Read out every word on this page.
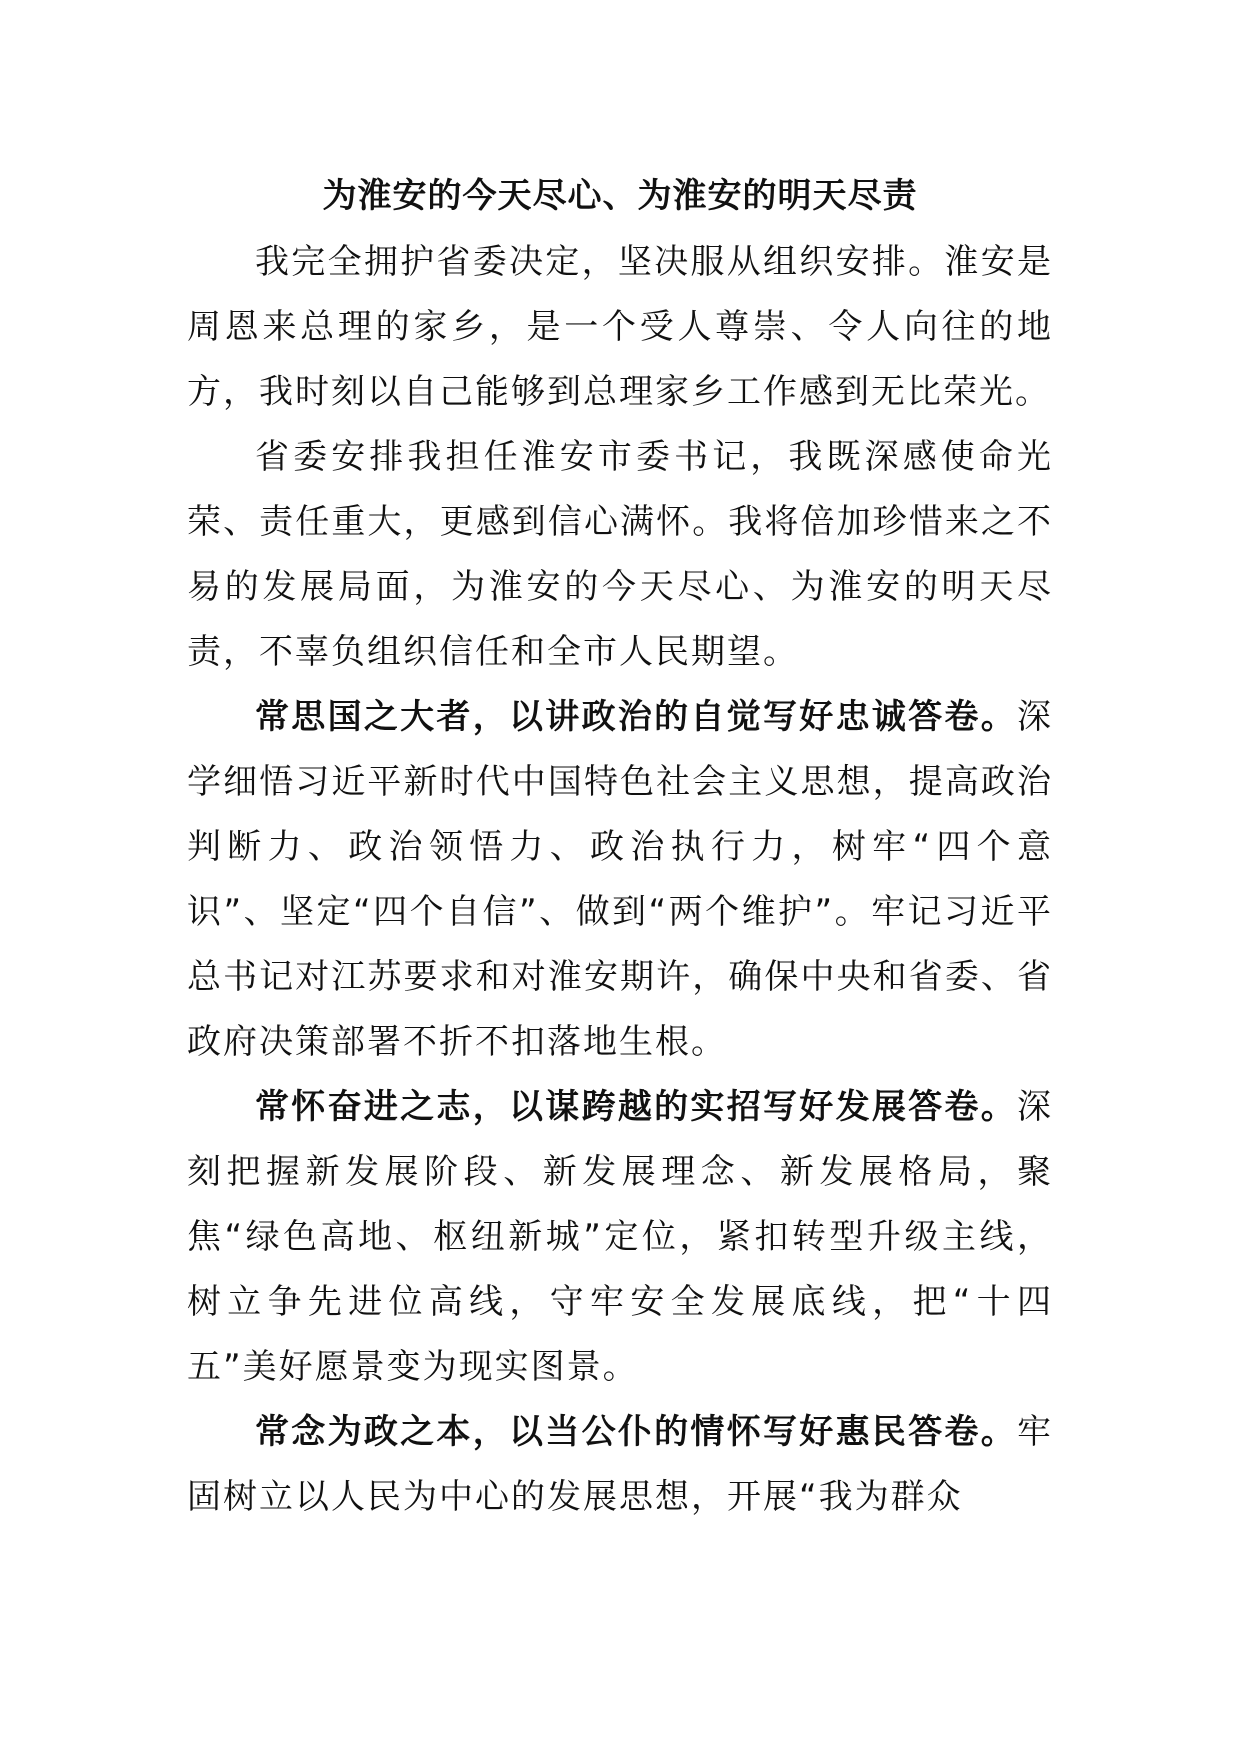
为淮安的今天尽心、为淮安的明天尽责

我完全拥护省委决定，坚决服从组织安排。淮安是周恩来总理的家乡，是一个受人尊崇、令人向往的地方，我时刻以自己能够到总理家乡工作感到无比荣光。

省委安排我担任淮安市委书记，我既深感使命光荣、责任重大，更感到信心满怀。我将倍加珍惜来之不易的发展局面，为淮安的今天尽心、为淮安的明天尽责，不辜负组织信任和全市人民期望。

常思国之大者，以讲政治的自觉写好忠诚答卷。深学细悟习近平新时代中国特色社会主义思想，提高政治判断力、政治领悟力、政治执行力，树牢“四个意识”、坚定“四个自信”、做到“两个维护”。牢记习近平总书记对江苏要求和对淮安期许，确保中央和省委、省政府决策部署不折不扣落地生根。

常怀奋进之志，以谋跨越的实招写好发展答卷。深刻把握新发展阶段、新发展理念、新发展格局，聚焦“绿色高地、枢纽新城”定位，紧扣转型升级主线，树立争先进位高线，守牢安全发展底线，把“十四五”美好愿景变为现实图景。

常念为政之本，以当公仆的情怀写好惠民答卷。牢固树立以人民为中心的发展思想，开展“我为群众
